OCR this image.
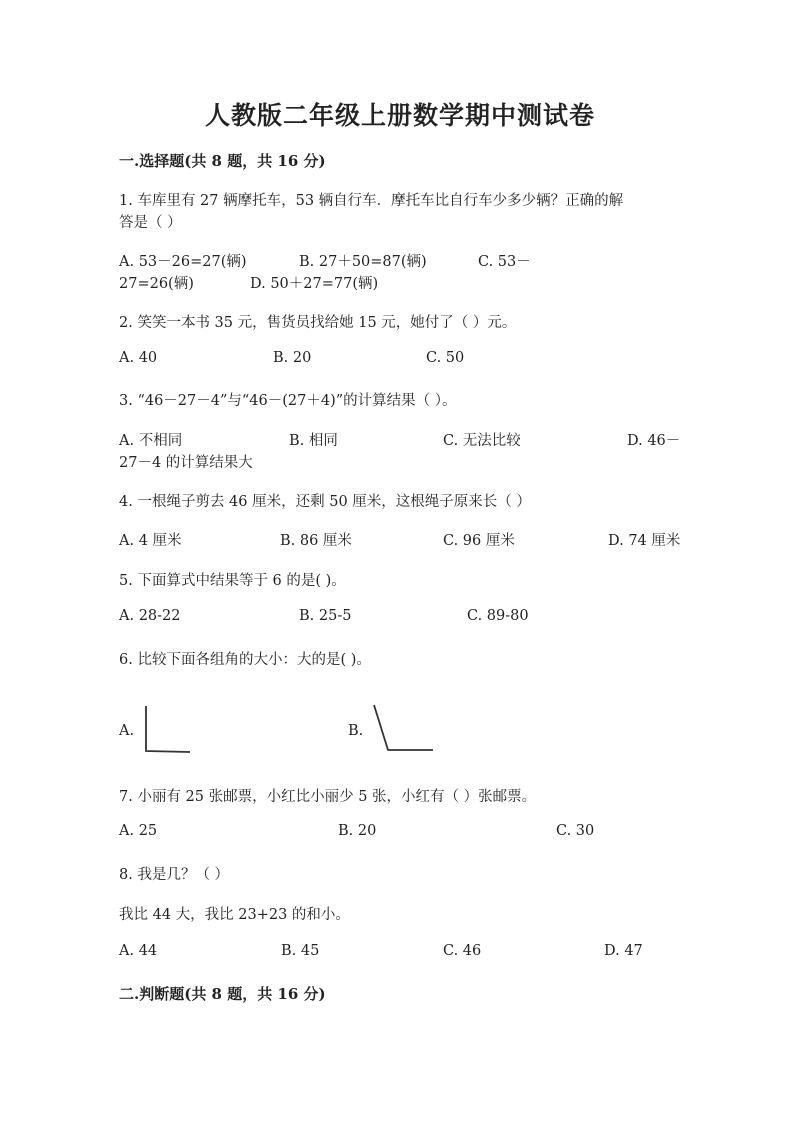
人教版二年级上册数学期中测试卷
一.选择题(共 8 题，共 16 分)
1. 车库里有 27 辆摩托车，53 辆自行车．摩托车比自行车少多少辆？正确的解
答是（ ）
A. 53－26=27(辆)	B. 27＋50=87(辆)	C. 53－
27=26(辆)	D. 50＋27=77(辆)
2. 笑笑一本书 35 元，售货员找给她 15 元，她付了（ ）元。
A. 40	B. 20	C. 50
3. “46－27－4”与“46－(27＋4)”的计算结果（ ）。
A. 不相同	B. 相同	C. 无法比较	D. 46－
27－4 的计算结果大
4. 一根绳子剪去 46 厘米，还剩 50 厘米，这根绳子原来长（ ）
A. 4 厘米	B. 86 厘米	C. 96 厘米	D. 74 厘米
5. 下面算式中结果等于 6 的是( )。
A. 28-22	B. 25-5	C. 89-80
6. 比较下面各组角的大小：大的是( )。
A.	B.
7. 小丽有 25 张邮票，小红比小丽少 5 张，小红有（ ）张邮票。
A. 25	B. 20	C. 30
8. 我是几？（ ）
我比 44 大，我比 23+23 的和小。
A. 44	B. 45	C. 46	D. 47
二.判断题(共 8 题，共 16 分)
